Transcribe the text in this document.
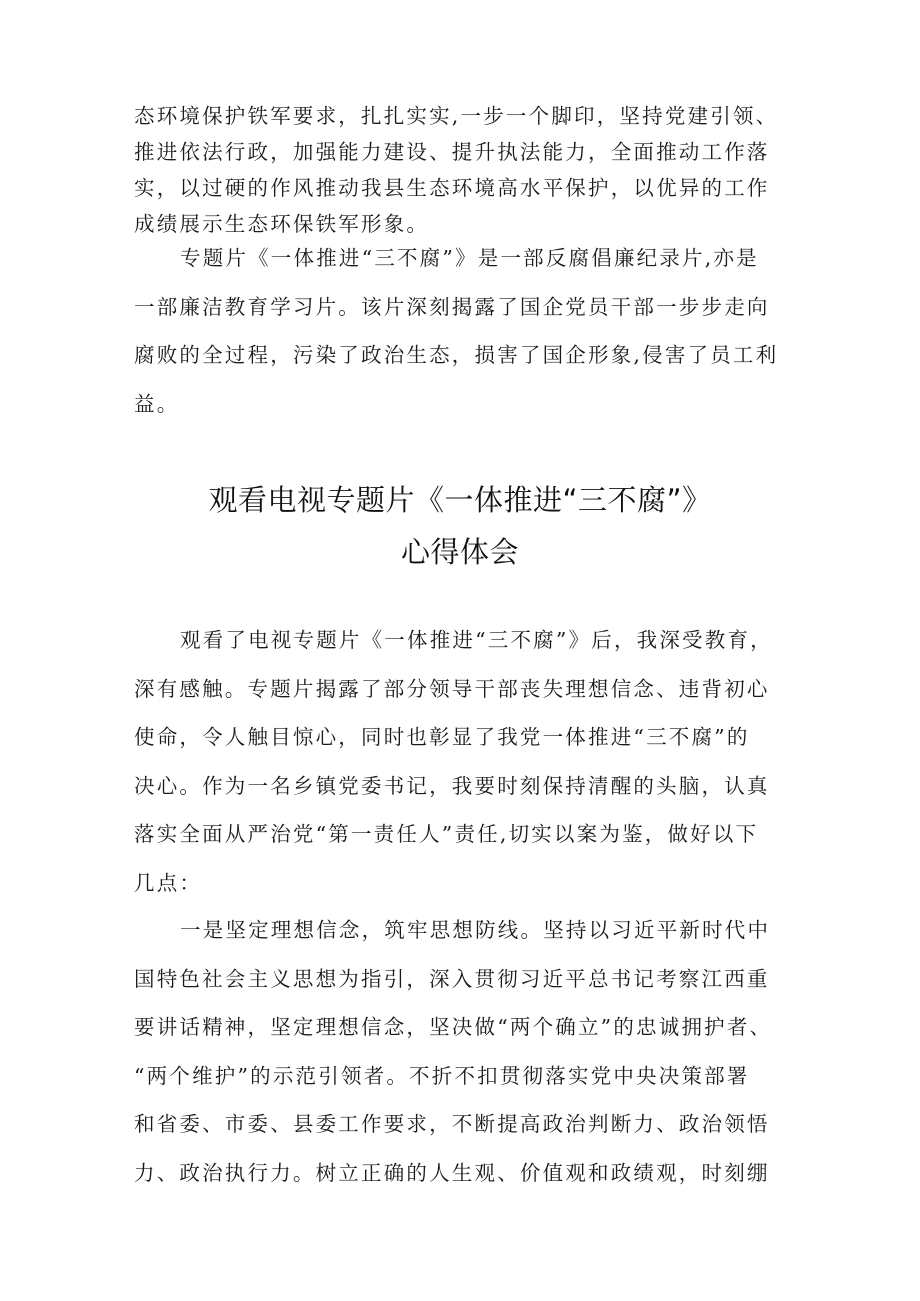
态环境保护铁军要求，扎扎实实,一步一个脚印，坚持党建引领、
推进依法行政，加强能力建设、提升执法能力，全面推动工作落
实，以过硬的作风推动我县生态环境高水平保护，以优异的工作
成绩展示生态环保铁军形象。
专题片《一体推进“三不腐”》是一部反腐倡廉纪录片,亦是
一部廉洁教育学习片。该片深刻揭露了国企党员干部一步步走向
腐败的全过程，污染了政治生态，损害了国企形象,侵害了员工利
益。
观看电视专题片《一体推进“三不腐”》
心得体会
观看了电视专题片《一体推进“三不腐”》后，我深受教育，
深有感触。专题片揭露了部分领导干部丧失理想信念、违背初心
使命，令人触目惊心，同时也彰显了我党一体推进“三不腐”的
决心。作为一名乡镇党委书记，我要时刻保持清醒的头脑，认真
落实全面从严治党“第一责任人”责任,切实以案为鉴，做好以下
几点：
一是坚定理想信念，筑牢思想防线。坚持以习近平新时代中
国特色社会主义思想为指引，深入贯彻习近平总书记考察江西重
要讲话精神，坚定理想信念，坚决做“两个确立”的忠诚拥护者、
“两个维护”的示范引领者。不折不扣贯彻落实党中央决策部署
和省委、市委、县委工作要求，不断提高政治判断力、政治领悟
力、政治执行力。树立正确的人生观、价值观和政绩观，时刻绷
